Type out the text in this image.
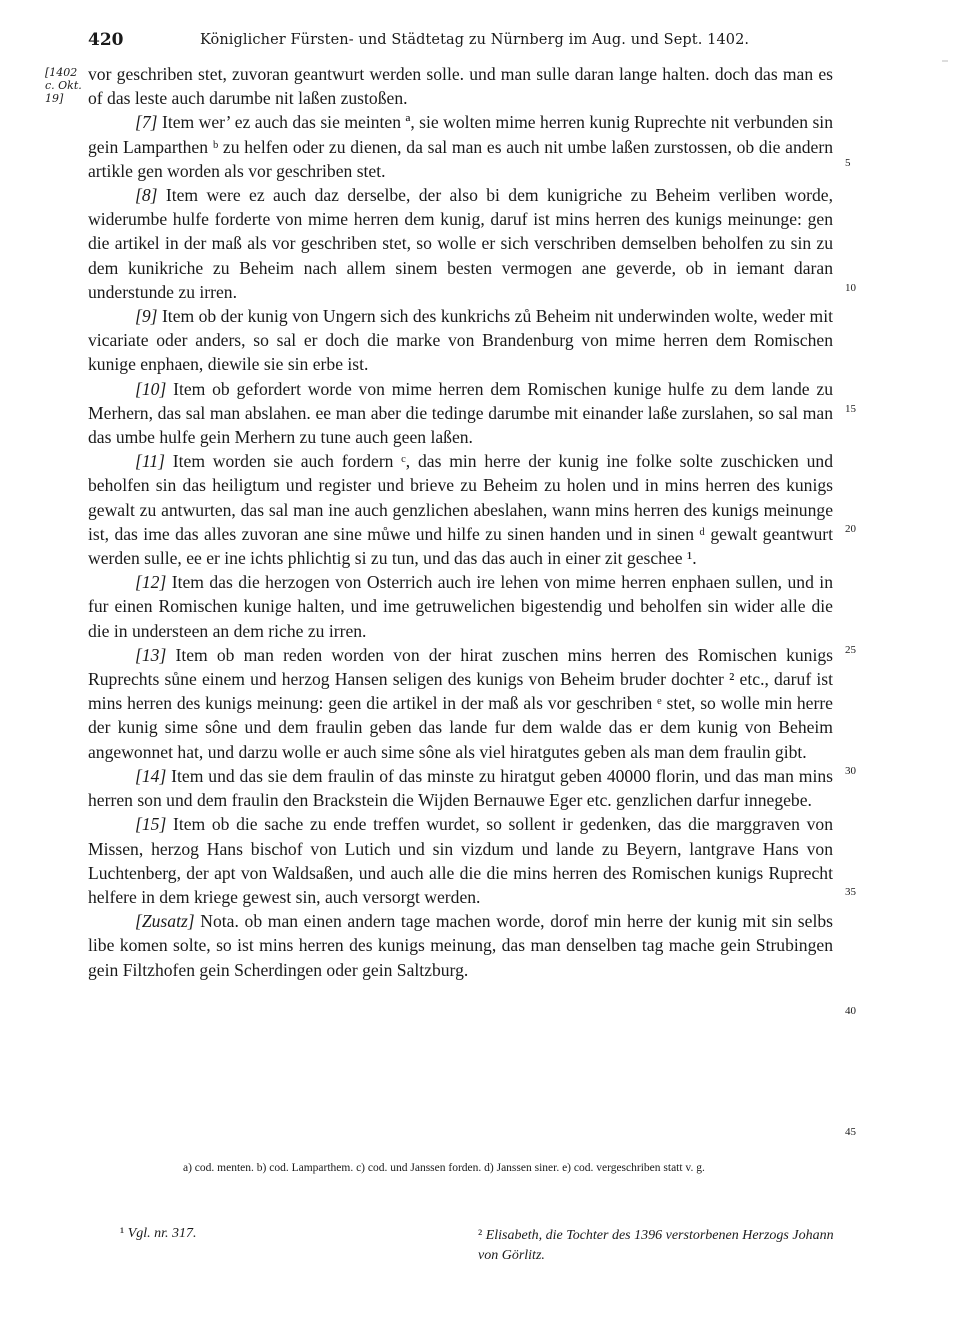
420	Königlicher Fürsten- und Städtetag zu Nürnberg im Aug. und Sept. 1402.
[1402 c. Okt. 19]

vor geschriben stet, zuvoran geantwurt werden solle. und man sulle daran lange halten. doch das man es of das leste auch darumbe nit laßen zustoßen.

[7] Item wer’ ez auch das sie meinten ª, sie wolten mime herren kunig Ruprechte nit verbunden sin gein Lamparthen ᵇ zu helfen oder zu dienen, da sal man es auch nit umbe laßen zurstossen, ob die andern artikle gen worden als vor geschriben stet.

[8] Item were ez auch daz derselbe, der also bi dem kunigriche zu Beheim verliben worde, widerumbe hulfe forderte von mime herren dem kunig, daruf ist mins herren des kunigs meinunge: gen die artikel in der maß als vor geschriben stet, so wolle er sich verschriben demselben beholfen zu sin zu dem kunikriche zu Beheim nach allem sinem besten vermogen ane geverde, ob in iemant daran understunde zu irren.

[9] Item ob der kunig von Ungern sich des kunkrichs zů Beheim nit underwinden wolte, weder mit vicariate oder anders, so sal er doch die marke von Brandenburg von mime herren dem Romischen kunige enphaen, diewile sie sin erbe ist.

[10] Item ob gefordert worde von mime herren dem Romischen kunige hulfe zu dem lande zu Merhern, das sal man abslahen. ee man aber die tedinge darumbe mit einander laße zurslahen, so sal man das umbe hulfe gein Merhern zu tune auch geen laßen.

[11] Item worden sie auch fordern ᶜ, das min herre der kunig ine folke solte zuschicken und beholfen sin das heiligtum und register und brieve zu Beheim zu holen und in mins herren des kunigs gewalt zu antwurten, das sal man ine auch genzlichen abeslahen, wann mins herren des kunigs meinunge ist, das ime das alles zuvoran ane sine můwe und hilfe zu sinen handen und in sinen ᵈ gewalt geantwurt werden sulle, ee er ine ichts phlichtig si zu tun, und das das auch in einer zit geschee ¹.

[12] Item das die herzogen von Osterrich auch ire lehen von mime herren enphaen sullen, und in fur einen Romischen kunige halten, und ime getruwelichen bigestendig und beholfen sin wider alle die die in understeen an dem riche zu irren.

[13] Item ob man reden worden von der hirat zuschen mins herren des Romischen kunigs Ruprechts sůne einem und herzog Hansen seligen des kunigs von Beheim bruder dochter ² etc., daruf ist mins herren des kunigs meinung: geen die artikel in der maß als vor geschriben ᵉ stet, so wolle min herre der kunig sime sône und dem fraulin geben das lande fur dem walde das er dem kunig von Beheim angewonnet hat, und darzu wolle er auch sime sône als viel hiratgutes geben als man dem fraulin gibt.

[14] Item und das sie dem fraulin of das minste zu hiratgut geben 40000 florin, und das man mins herren son und dem fraulin den Brackstein die Wijden Bernauwe Eger etc. genzlichen darfur innegebe.

[15] Item ob die sache zu ende treffen wurdet, so sollent ir gedenken, das die marggraven von Missen, herzog Hans bischof von Lutich und sin vizdum und lande zu Beyern, lantgrave Hans von Luchtenberg, der apt von Waldsaßen, und auch alle die die mins herren des Romischen kunigs Ruprecht helfere in dem kriege gewest sin, auch versorgt werden.

[Zusatz] Nota. ob man einen andern tage machen worde, dorof min herre der kunig mit sin selbs libe komen solte, so ist mins herren des kunigs meinung, das man denselben tag mache gein Strubingen gein Filtzhofen gein Scherdingen oder gein Saltzburg.

5
10
15
20
25
30
35
40
45
a) cod. menten. b) cod. Lamparthem. c) cod. und Janssen forden. d) Janssen siner. e) cod. vergeschriben statt v. g.
¹ Vgl. nr. 317.	² Elisabeth, die Tochter des 1396 verstorbenen Herzogs Johann von Görlitz.
